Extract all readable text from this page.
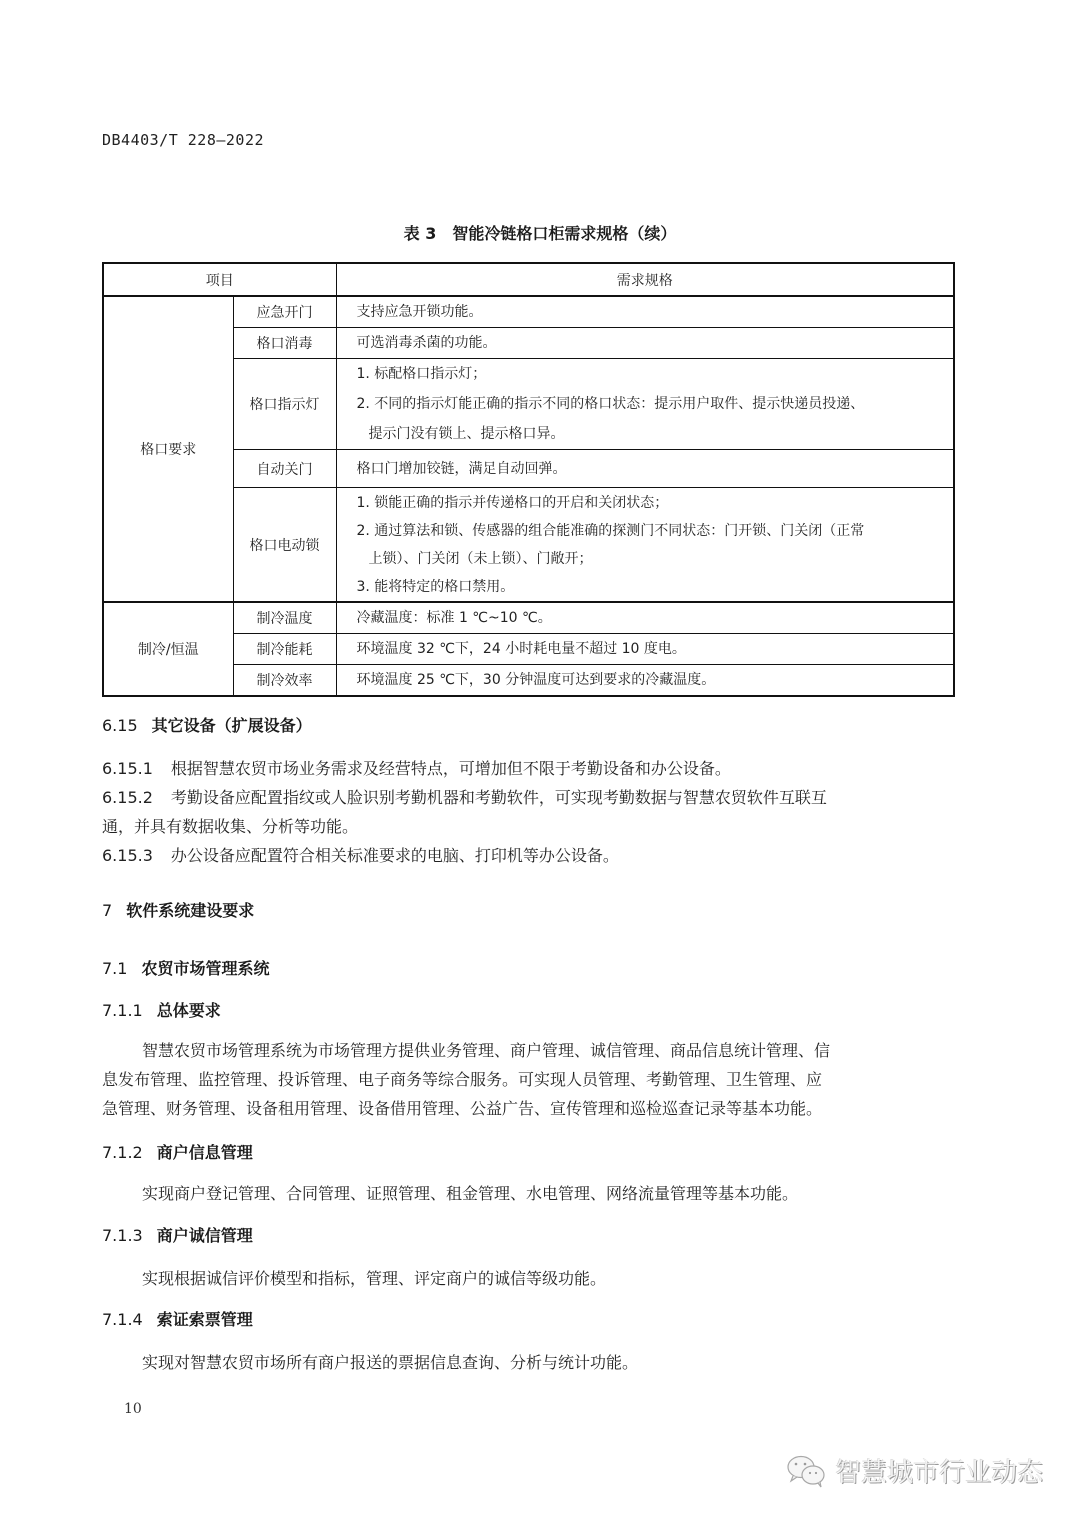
DB4403/T 228—2022
表 3 智能冷链格口柜需求规格（续）
项目		需求规格
格口要求	应急开门	支持应急开锁功能。

	格口消毒	可选消毒杀菌的功能。

	格口指示灯	1. 标配格口指示灯；
2. 不同的指示灯能正确的指示不同的格口状态：提示用户取件、提示快递员投递、
提示门没有锁上、提示格口异。

	自动关门	格口门增加铰链，满足自动回弹。

	格口电动锁	1. 锁能正确的指示并传递格口的开启和关闭状态；
2. 通过算法和锁、传感器的组合能准确的探测门不同状态：门开锁、门关闭（正常
上锁）、门关闭（未上锁）、门敞开；
3. 能将特定的格口禁用。

制冷/恒温	制冷温度	冷藏温度：标准 1 ℃~10 ℃。

	制冷能耗	环境温度 32 ℃下，24 小时耗电量不超过 10 度电。

	制冷效率	环境温度 25 ℃下，30 分钟温度可达到要求的冷藏温度。
6.15 其它设备（扩展设备）
6.15.1 根据智慧农贸市场业务需求及经营特点，可增加但不限于考勤设备和办公设备。
6.15.2 考勤设备应配置指纹或人脸识别考勤机器和考勤软件，可实现考勤数据与智慧农贸软件互联互
通，并具有数据收集、分析等功能。
6.15.3 办公设备应配置符合相关标准要求的电脑、打印机等办公设备。
7 软件系统建设要求
7.1 农贸市场管理系统
7.1.1 总体要求
智慧农贸市场管理系统为市场管理方提供业务管理、商户管理、诚信管理、商品信息统计管理、信
息发布管理、监控管理、投诉管理、电子商务等综合服务。可实现人员管理、考勤管理、卫生管理、应
急管理、财务管理、设备租用管理、设备借用管理、公益广告、宣传管理和巡检巡查记录等基本功能。
7.1.2 商户信息管理
实现商户登记管理、合同管理、证照管理、租金管理、水电管理、网络流量管理等基本功能。
7.1.3 商户诚信管理
实现根据诚信评价模型和指标，管理、评定商户的诚信等级功能。
7.1.4 索证索票管理
实现对智慧农贸市场所有商户报送的票据信息查询、分析与统计功能。
10
智慧城市行业动态
